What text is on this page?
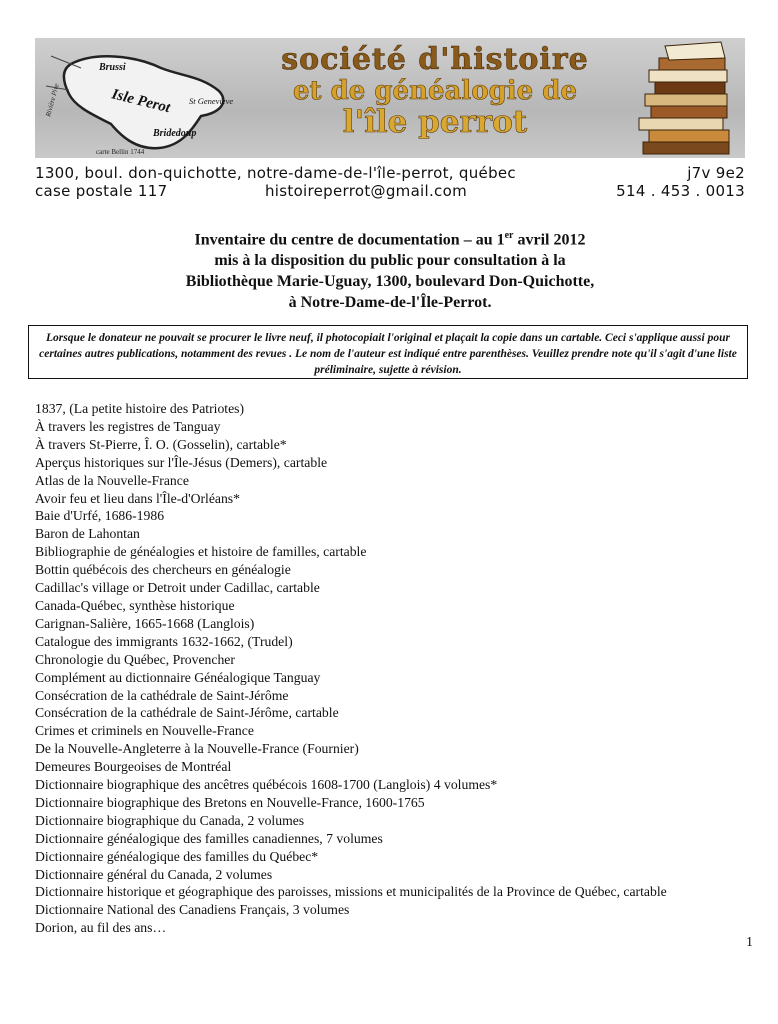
Brussi
Isle Perot
Bridedoup
St Genevieve
Rivière Pive
carte Bellin 1744
société d'histoire
et de généalogie de
l'île perrot
1300, boul. don-quichotte, notre-dame-de-l'île-perrot, québec	j7v 9e2
case postale 117	histoireperrot@gmail.com	514 . 453 . 0013
Inventaire du centre de documentation – au 1er avril 2012
mis à la disposition du public pour consultation à la
Bibliothèque Marie-Uguay, 1300, boulevard Don-Quichotte,
à Notre-Dame-de-l'Île-Perrot.
Lorsque le donateur ne pouvait se procurer le livre neuf, il photocopiait l'original et plaçait la copie dans un cartable. Ceci s'applique aussi pour certaines autres publications, notamment des revues . Le nom de l'auteur est indiqué entre parenthèses. Veuillez prendre note qu'il s'agit d'une liste préliminaire, sujette à révision.
1837, (La petite histoire des Patriotes)
À travers les registres de Tanguay
À travers St-Pierre, Î. O. (Gosselin), cartable*
Aperçus historiques sur l'Île-Jésus (Demers), cartable
Atlas de la Nouvelle-France
Avoir feu et lieu dans l'Île-d'Orléans*
Baie d'Urfé, 1686-1986
Baron de Lahontan
Bibliographie de généalogies et histoire de familles, cartable
Bottin québécois des chercheurs en généalogie
Cadillac's village or Detroit under Cadillac, cartable
Canada-Québec, synthèse historique
Carignan-Salière, 1665-1668 (Langlois)
Catalogue des immigrants 1632-1662, (Trudel)
Chronologie du Québec, Provencher
Complément au dictionnaire Généalogique Tanguay
Consécration de la cathédrale de Saint-Jérôme
Consécration de la cathédrale de Saint-Jérôme, cartable
Crimes et criminels en Nouvelle-France
De la Nouvelle-Angleterre à la Nouvelle-France (Fournier)
Demeures Bourgeoises de Montréal
Dictionnaire biographique des ancêtres québécois 1608-1700 (Langlois) 4 volumes*
Dictionnaire biographique des Bretons en Nouvelle-France, 1600-1765
Dictionnaire biographique du Canada, 2 volumes
Dictionnaire généalogique des familles canadiennes, 7 volumes
Dictionnaire généalogique des familles du Québec*
Dictionnaire général du Canada, 2 volumes
Dictionnaire historique et géographique des paroisses, missions et municipalités de la Province de Québec, cartable
Dictionnaire National des Canadiens Français, 3 volumes
Dorion, au fil des ans…
1
